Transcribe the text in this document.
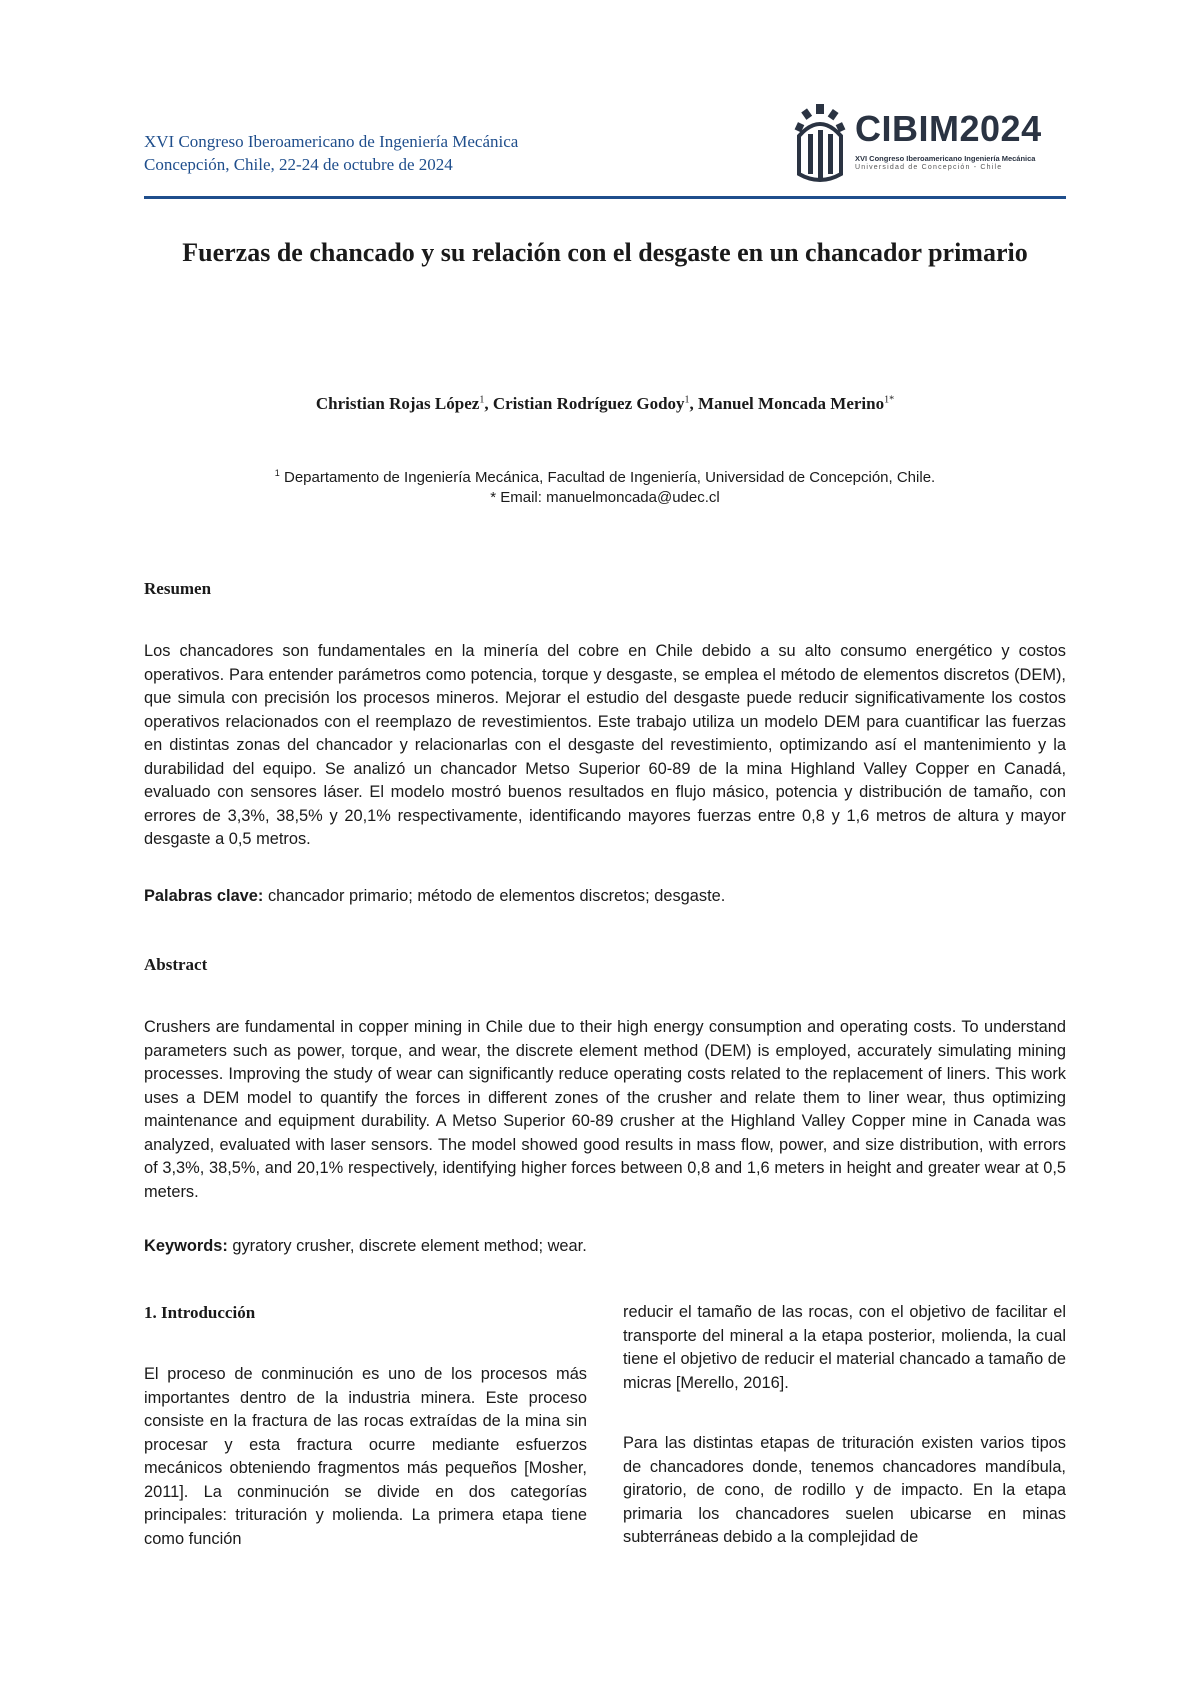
XVI Congreso Iberoamericano de Ingeniería Mecánica
Concepción, Chile, 22-24 de octubre de 2024
CIBIM2024
XVI Congreso Iberoamericano Ingeniería Mecánica
Universidad de Concepción - Chile
Fuerzas de chancado y su relación con el desgaste en un chancador primario
Christian Rojas López$^1$, Cristian Rodríguez Godoy$^1$, Manuel Moncada Merino$^{1*}$
$^1$ Departamento de Ingeniería Mecánica, Facultad de Ingeniería, Universidad de Concepción, Chile.
* Email: manuelmoncada@udec.cl
Resumen
Los chancadores son fundamentales en la minería del cobre en Chile debido a su alto consumo energético y costos operativos. Para entender parámetros como potencia, torque y desgaste, se emplea el método de elementos discretos (DEM), que simula con precisión los procesos mineros. Mejorar el estudio del desgaste puede reducir significativamente los costos operativos relacionados con el reemplazo de revestimientos. Este trabajo utiliza un modelo DEM para cuantificar las fuerzas en distintas zonas del chancador y relacionarlas con el desgaste del revestimiento, optimizando así el mantenimiento y la durabilidad del equipo. Se analizó un chancador Metso Superior 60-89 de la mina Highland Valley Copper en Canadá, evaluado con sensores láser. El modelo mostró buenos resultados en flujo másico, potencia y distribución de tamaño, con errores de 3,3%, 38,5% y 20,1% respectivamente, identificando mayores fuerzas entre 0,8 y 1,6 metros de altura y mayor desgaste a 0,5 metros.
Palabras clave: chancador primario; método de elementos discretos; desgaste.
Abstract
Crushers are fundamental in copper mining in Chile due to their high energy consumption and operating costs. To understand parameters such as power, torque, and wear, the discrete element method (DEM) is employed, accurately simulating mining processes. Improving the study of wear can significantly reduce operating costs related to the replacement of liners. This work uses a DEM model to quantify the forces in different zones of the crusher and relate them to liner wear, thus optimizing maintenance and equipment durability. A Metso Superior 60-89 crusher at the Highland Valley Copper mine in Canada was analyzed, evaluated with laser sensors. The model showed good results in mass flow, power, and size distribution, with errors of 3,3%, 38,5%, and 20,1% respectively, identifying higher forces between 0,8 and 1,6 meters in height and greater wear at 0,5 meters.
Keywords: gyratory crusher, discrete element method; wear.
1. Introducción
El proceso de conminución es uno de los procesos más importantes dentro de la industria minera. Este proceso consiste en la fractura de las rocas extraídas de la mina sin procesar y esta fractura ocurre mediante esfuerzos mecánicos obteniendo fragmentos más pequeños [Mosher, 2011]. La conminución se divide en dos categorías principales: trituración y molienda. La primera etapa tiene como función
reducir el tamaño de las rocas, con el objetivo de facilitar el transporte del mineral a la etapa posterior, molienda, la cual tiene el objetivo de reducir el material chancado a tamaño de micras [Merello, 2016].
Para las distintas etapas de trituración existen varios tipos de chancadores donde, tenemos chancadores mandíbula, giratorio, de cono, de rodillo y de impacto. En la etapa primaria los chancadores suelen ubicarse en minas subterráneas debido a la complejidad de
